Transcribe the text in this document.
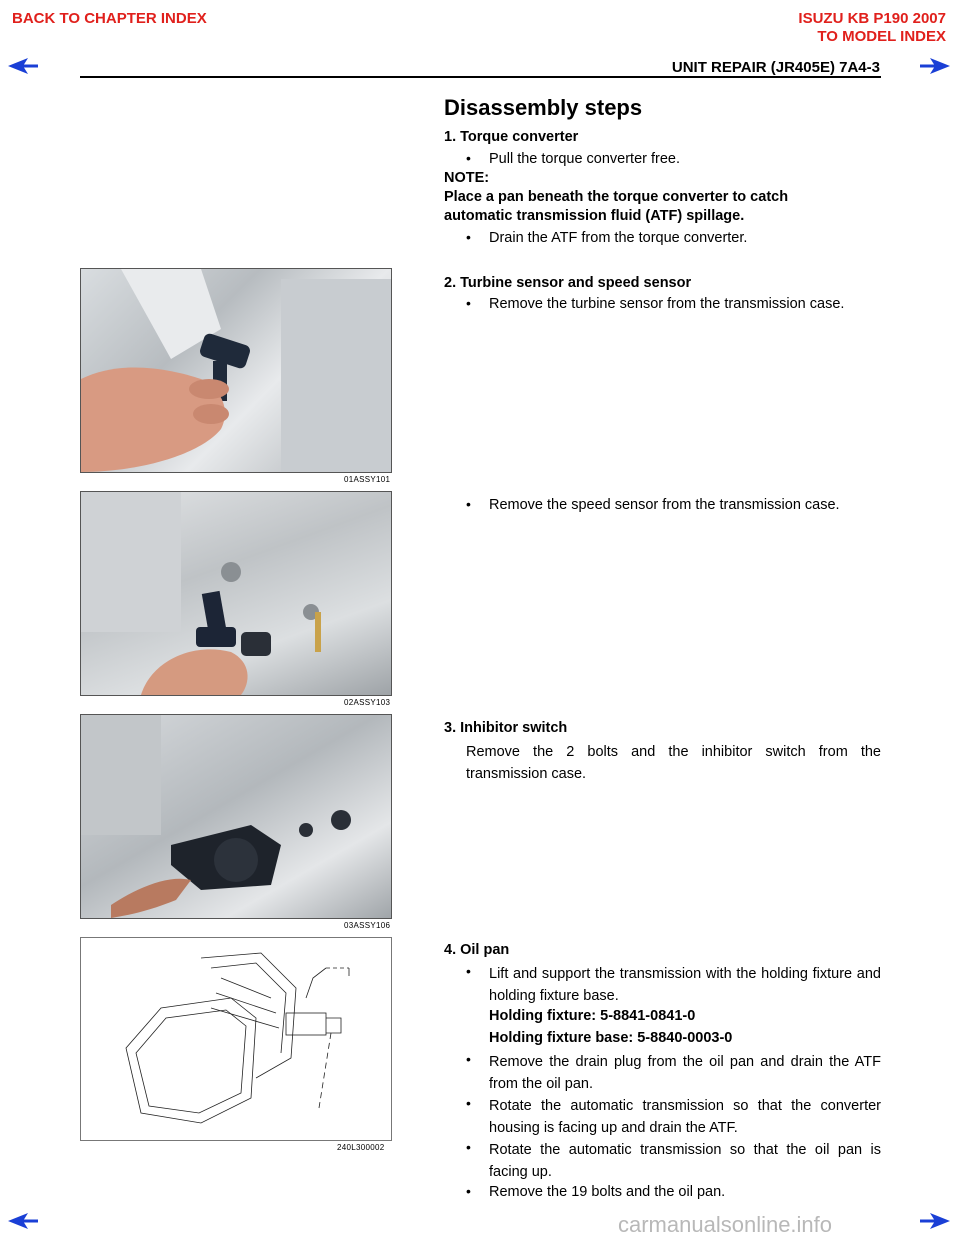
BACK TO CHAPTER INDEX	ISUZU KB P190 2007
TO MODEL INDEX
UNIT REPAIR (JR405E) 7A4-3
Disassembly steps
1. Torque converter
• Pull the torque converter free.
NOTE:
Place a pan beneath the torque converter to catch automatic transmission fluid (ATF) spillage.
• Drain the ATF from the torque converter.
01ASSY101
2. Turbine sensor and speed sensor
• Remove the turbine sensor from the transmission case.
02ASSY103
• Remove the speed sensor from the transmission case.
03ASSY106
3. Inhibitor switch
Remove the 2 bolts and the inhibitor switch from the transmission case.
240L300002
4. Oil pan
• Lift and support the transmission with the holding fixture and holding fixture base.
Holding fixture: 5-8841-0841-0
Holding fixture base: 5-8840-0003-0
• Remove the drain plug from the oil pan and drain the ATF from the oil pan.
• Rotate the automatic transmission so that the converter housing is facing up and drain the ATF.
• Rotate the automatic transmission so that the oil pan is facing up.
• Remove the 19 bolts and the oil pan.
carmanualsonline.info
